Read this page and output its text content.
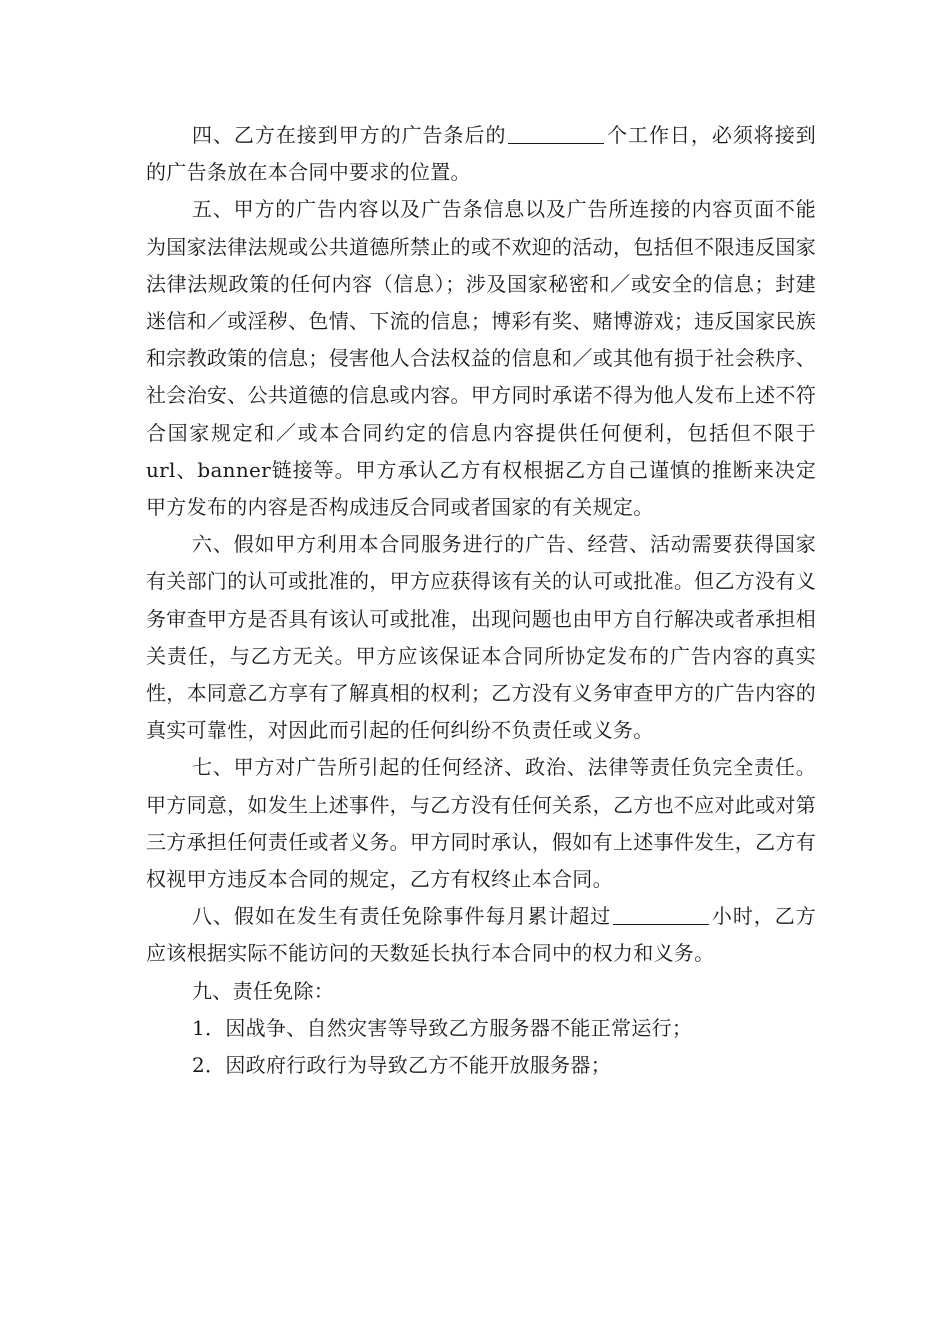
四、乙方在接到甲方的广告条后的	个工作日，必须将接到的广告条放在本合同中要求的位置。

五、甲方的广告内容以及广告条信息以及广告所连接的内容页面不能为国家法律法规或公共道德所禁止的或不欢迎的活动，包括但不限违反国家法律法规政策的任何内容（信息）；涉及国家秘密和／或安全的信息；封建迷信和／或淫秽、色情、下流的信息；博彩有奖、赌博游戏；违反国家民族和宗教政策的信息；侵害他人合法权益的信息和／或其他有损于社会秩序、社会治安、公共道德的信息或内容。甲方同时承诺不得为他人发布上述不符合国家规定和／或本合同约定的信息内容提供任何便利，包括但不限于url、banner链接等。甲方承认乙方有权根据乙方自己谨慎的推断来决定甲方发布的内容是否构成违反合同或者国家的有关规定。

六、假如甲方利用本合同服务进行的广告、经营、活动需要获得国家有关部门的认可或批准的，甲方应获得该有关的认可或批准。但乙方没有义务审查甲方是否具有该认可或批准，出现问题也由甲方自行解决或者承担相关责任，与乙方无关。甲方应该保证本合同所协定发布的广告内容的真实性，本同意乙方享有了解真相的权利；乙方没有义务审查甲方的广告内容的真实可靠性，对因此而引起的任何纠纷不负责任或义务。

七、甲方对广告所引起的任何经济、政治、法律等责任负完全责任。甲方同意，如发生上述事件，与乙方没有任何关系，乙方也不应对此或对第三方承担任何责任或者义务。甲方同时承认，假如有上述事件发生，乙方有权视甲方违反本合同的规定，乙方有权终止本合同。

八、假如在发生有责任免除事件每月累计超过	小时，乙方应该根据实际不能访问的天数延长执行本合同中的权力和义务。

九、责任免除：

1．因战争、自然灾害等导致乙方服务器不能正常运行；

2．因政府行政行为导致乙方不能开放服务器；
